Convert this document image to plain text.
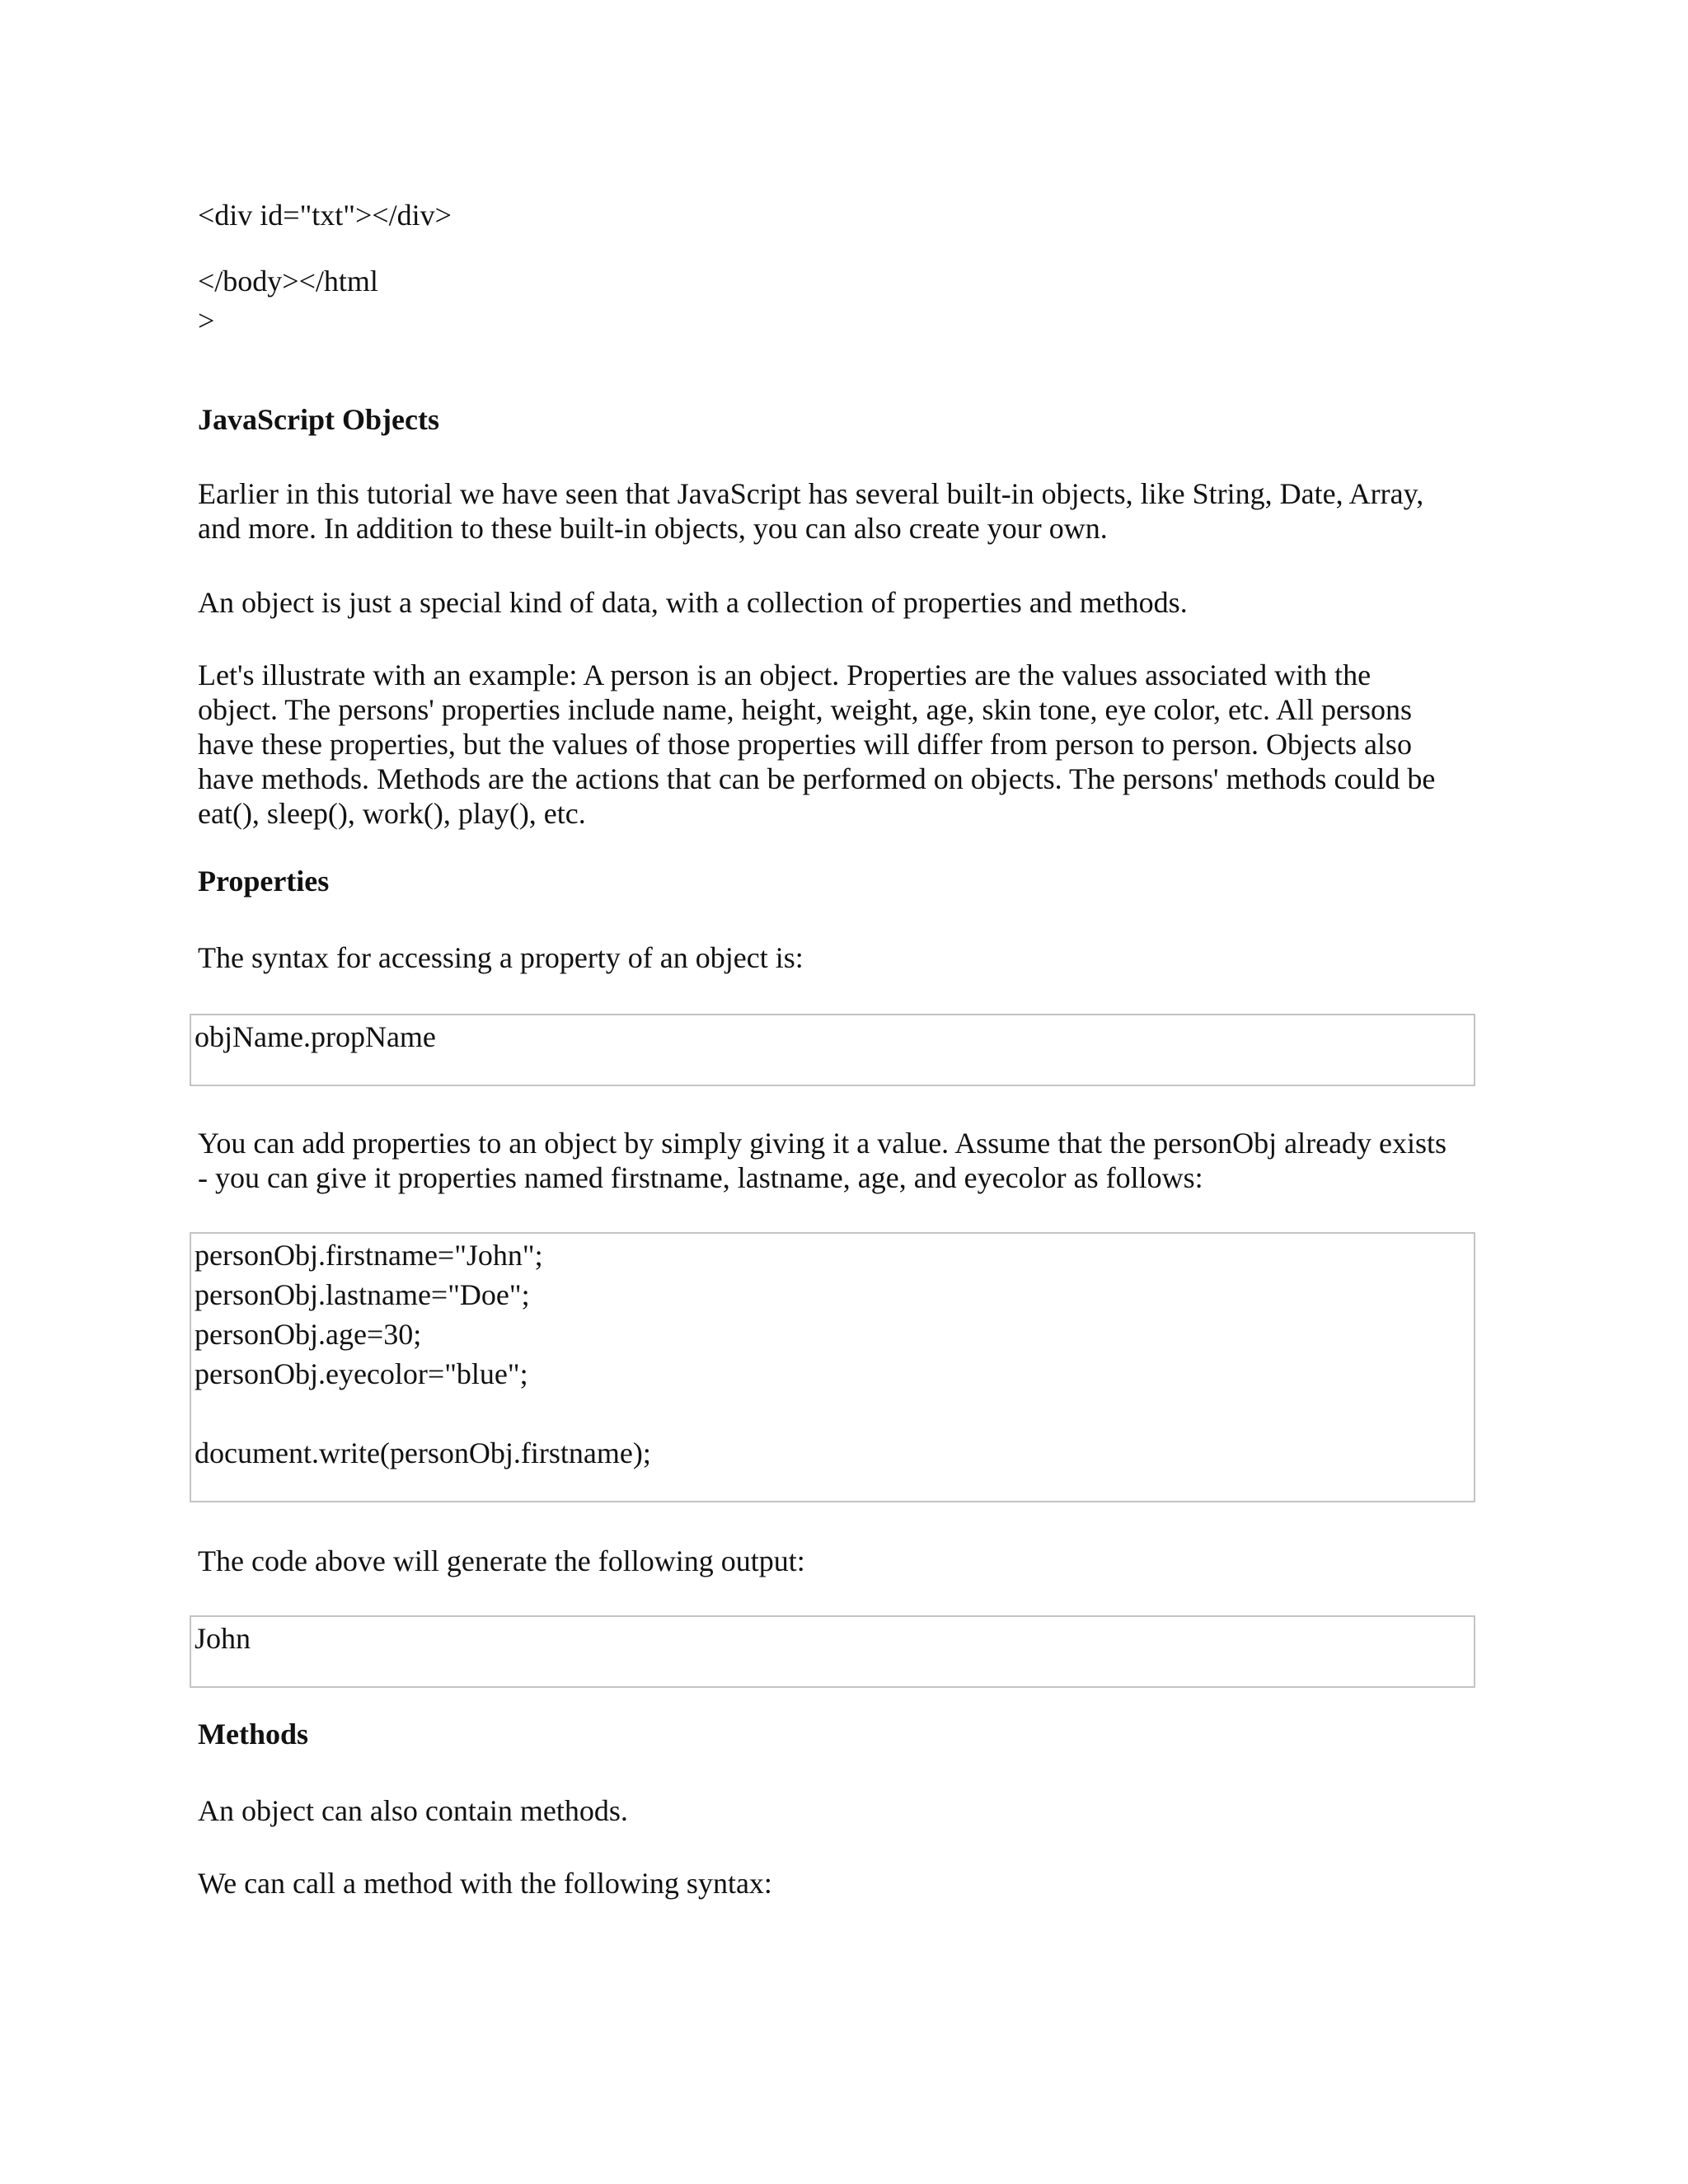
<div id="txt"></div>

</body></html

>

JavaScript Objects

Earlier in this tutorial we have seen that JavaScript has several built-in objects, like String, Date, Array,
and more. In addition to these built-in objects, you can also create your own.

An object is just a special kind of data, with a collection of properties and methods.

Let's illustrate with an example: A person is an object. Properties are the values associated with the
object. The persons' properties include name, height, weight, age, skin tone, eye color, etc. All persons
have these properties, but the values of those properties will differ from person to person. Objects also
have methods. Methods are the actions that can be performed on objects. The persons' methods could be
eat(), sleep(), work(), play(), etc.

Properties

The syntax for accessing a property of an object is:

objName.propName

You can add properties to an object by simply giving it a value. Assume that the personObj already exists
- you can give it properties named firstname, lastname, age, and eyecolor as follows:

personObj.firstname="John";
personObj.lastname="Doe";
personObj.age=30;
personObj.eyecolor="blue";
document.write(personObj.firstname);

The code above will generate the following output:

John

Methods

An object can also contain methods.

We can call a method with the following syntax:
